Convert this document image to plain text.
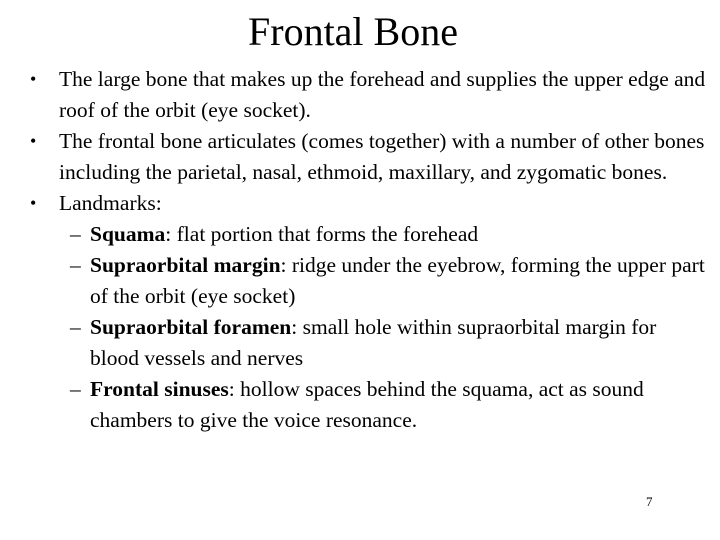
Frontal Bone
• The large bone that makes up the forehead and supplies the upper edge and roof of the orbit (eye socket).
• The frontal bone articulates (comes together) with a number of other bones including the parietal, nasal, ethmoid, maxillary, and zygomatic bones.
• Landmarks:
– Squama: flat portion that forms the forehead
– Supraorbital margin: ridge under the eyebrow, forming the upper part of the orbit (eye socket)
– Supraorbital foramen: small hole within supraorbital margin for blood vessels and nerves
– Frontal sinuses: hollow spaces behind the squama, act as sound chambers to give the voice resonance.
7
